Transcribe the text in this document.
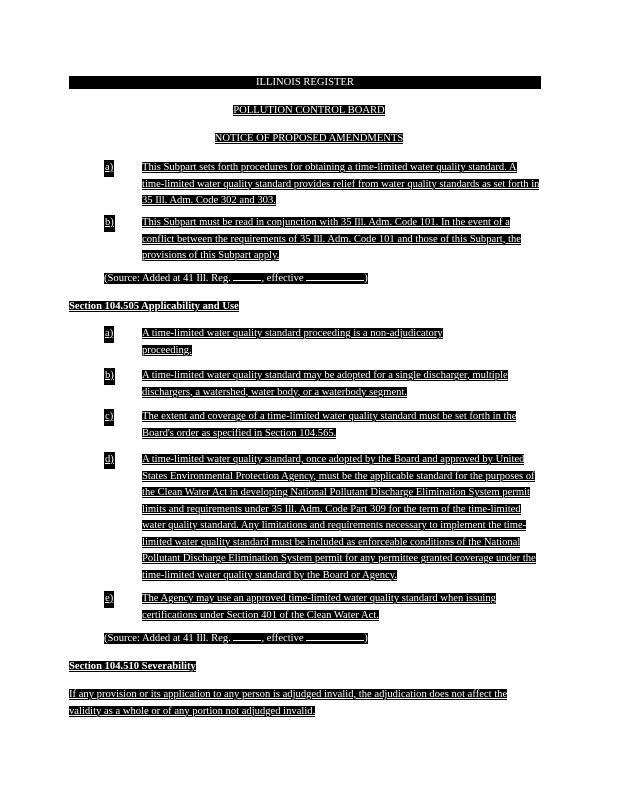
ILLINOIS REGISTER
POLLUTION CONTROL BOARD
NOTICE OF PROPOSED AMENDMENTS
a)	This Subpart sets forth procedures for obtaining a time-limited water quality standard. A time-limited water quality standard provides relief from water quality standards as set forth in 35 Ill. Adm. Code 302 and 303.
b)	This Subpart must be read in conjunction with 35 Ill. Adm. Code 101. In the event of a conflict between the requirements of 35 Ill. Adm. Code 101 and those of this Subpart, the provisions of this Subpart apply.
(Source: Added at 41 Ill. Reg.	, effective	)
Section 104.505 Applicability and Use
a)	A time-limited water quality standard proceeding is a non-adjudicatory proceeding.
b)	A time-limited water quality standard may be adopted for a single discharger, multiple dischargers, a watershed, water body, or a waterbody segment.
c)	The extent and coverage of a time-limited water quality standard must be set forth in the Board's order as specified in Section 104.565.
d)	A time-limited water quality standard, once adopted by the Board and approved by United States Environmental Protection Agency, must be the applicable standard for the purposes of the Clean Water Act in developing National Pollutant Discharge Elimination System permit limits and requirements under 35 Ill. Adm. Code Part 309 for the term of the time-limited water quality standard. Any limitations and requirements necessary to implement the time-limited water quality standard must be included as enforceable conditions of the National Pollutant Discharge Elimination System permit for any permittee granted coverage under the time-limited water quality standard by the Board or Agency.
e)	The Agency may use an approved time-limited water quality standard when issuing certifications under Section 401 of the Clean Water Act.
(Source: Added at 41 Ill. Reg.	, effective	)
Section 104.510 Severability
If any provision or its application to any person is adjudged invalid, the adjudication does not affect the validity as a whole or of any portion not adjudged invalid.
